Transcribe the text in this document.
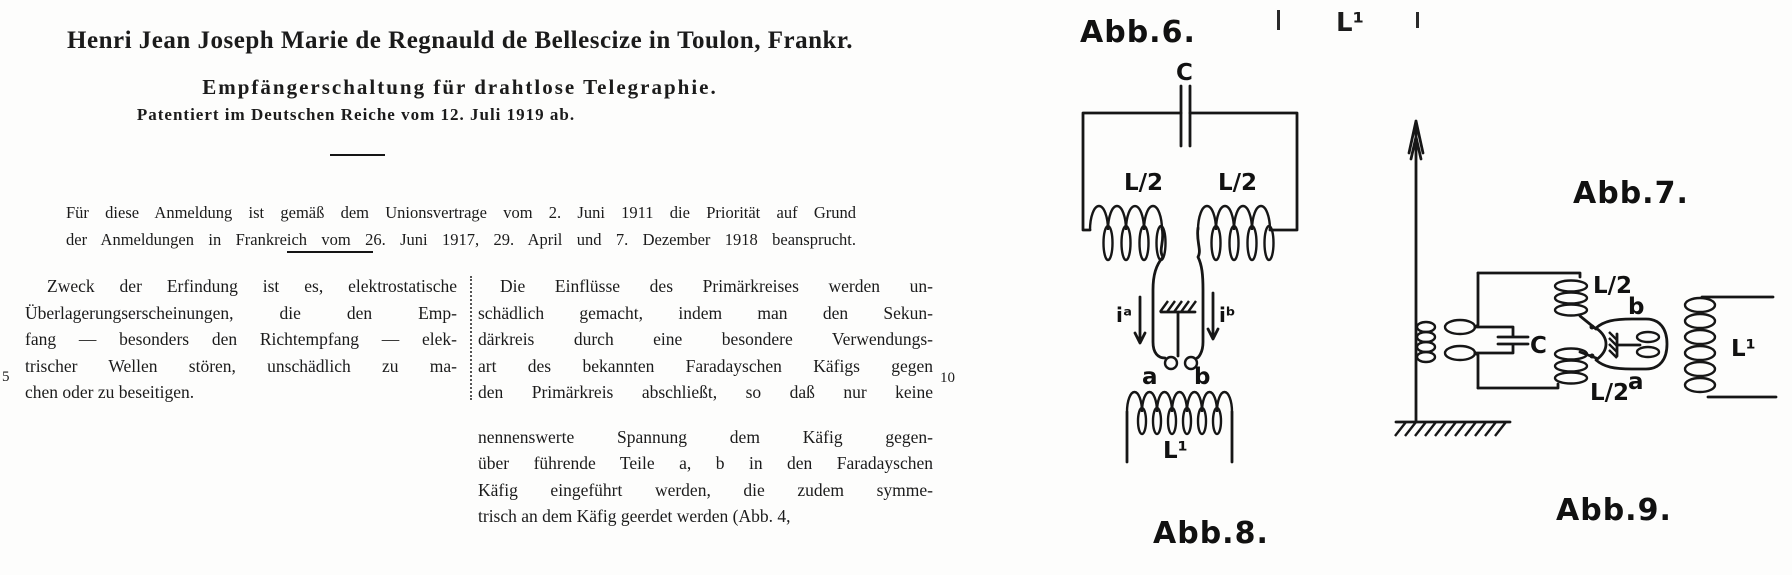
Henri Jean Joseph Marie de Regnauld de Bellescize in Toulon, Frankr.
Empfängerschaltung für drahtlose Telegraphie.
Patentiert im Deutschen Reiche vom 12. Juli 1919 ab.

Für diese Anmeldung ist gemäß dem Unionsvertrage vom 2. Juni 1911 die Priorität auf Grund
der Anmeldungen in Frankreich vom 26. Juni 1917, 29. April und 7. Dezember 1918 beansprucht.

5	10
Zweck der Erfindung ist es, elektrostatische
Überlagerungserscheinungen, die den Emp-
fang — besonders den Richtempfang — elek-
trischer Wellen stören, unschädlich zu ma-
chen oder zu beseitigen.
Die Einflüsse des Primärkreises werden un-
schädlich gemacht, indem man den Sekun-
därkreis durch eine besondere Verwendungs-
art des bekannten Faradayschen Käfigs gegen
den Primärkreis abschließt, so daß nur keine
nennenswerte Spannung dem Käfig gegen-
über führende Teile a, b in den Faradayschen
Käfig eingeführt werden, die zudem symme-
trisch an dem Käfig geerdet werden (Abb. 4,
L¹
Abb.6.
C
L/2 L/2
iᵃ	iᵇ
a b
L¹
Abb.8.
Abb.7.
C
L/2
L/2
b
a
L¹
Abb.9.
